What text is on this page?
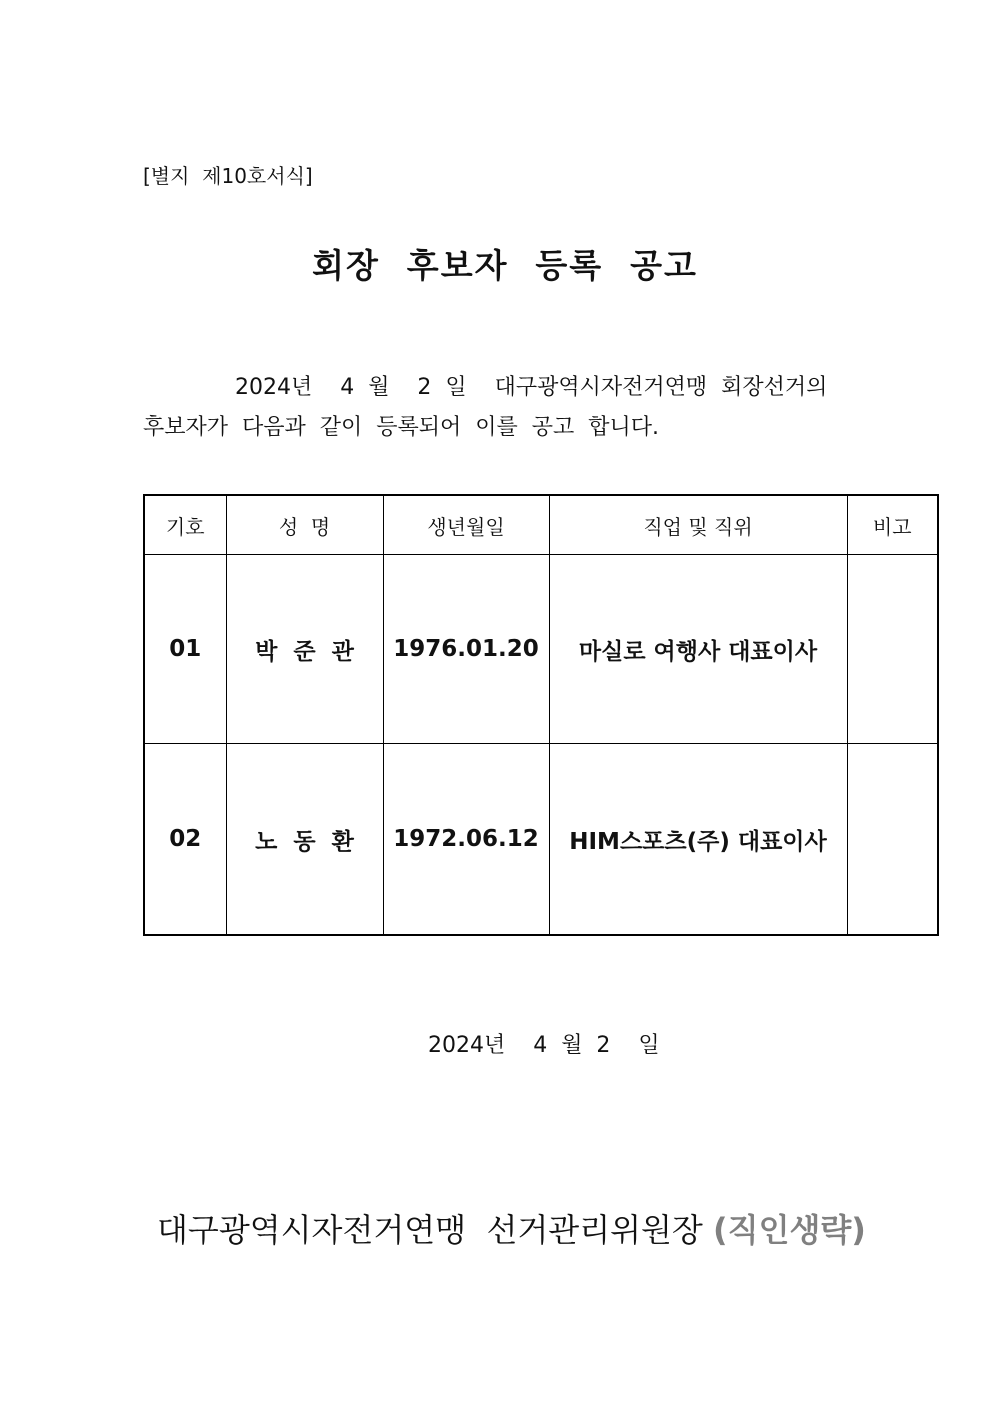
[별지  제10호서식]
회장  후보자  등록  공고
2024년    4  월    2  일    대구광역시자전거연맹  회장선거의
후보자가  다음과  같이  등록되어  이를  공고  합니다.
기호	성  명	생년월일	직업 및 직위	비고
01	박  준  관	1976.01.20	마실로 여행사 대표이사	
02	노  동  환	1972.06.12	HIM스포츠(주) 대표이사	
2024년    4  월  2    일
대구광역시자전거연맹  선거관리위원장 (직인생략)
